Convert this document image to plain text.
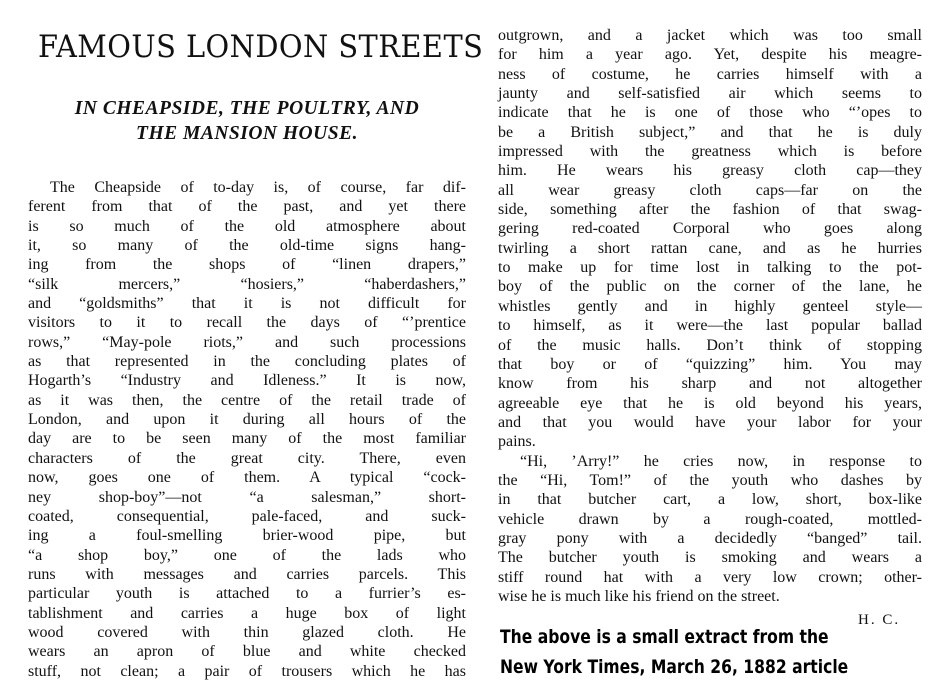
FAMOUS LONDON STREETS
IN CHEAPSIDE, THE POULTRY, AND
THE MANSION HOUSE.
The Cheapside of to-day is, of course, far dif-
ferent from that of the past, and yet there
is so much of the old atmosphere about
it, so many of the old-time signs hang-
ing from the shops of “linen drapers,”
“silk mercers,” “hosiers,” “haberdashers,”
and “goldsmiths” that it is not difficult for
visitors to it to recall the days of “’prentice
rows,” “May-pole riots,” and such processions
as that represented in the concluding plates of
Hogarth’s “Industry and Idleness.” It is now,
as it was then, the centre of the retail trade of
London, and upon it during all hours of the
day are to be seen many of the most familiar
characters of the great city. There, even
now, goes one of them. A typical “cock-
ney shop-boy”—not “a salesman,” short-
coated, consequential, pale-faced, and suck-
ing a foul-smelling brier-wood pipe, but
“a shop boy,” one of the lads who
runs with messages and carries parcels. This
particular youth is attached to a furrier’s es-
tablishment and carries a huge box of light
wood covered with thin glazed cloth. He
wears an apron of blue and white checked
stuff, not clean; a pair of trousers which he has
outgrown, and a jacket which was too small
for him a year ago. Yet, despite his meagre-
ness of costume, he carries himself with a
jaunty and self-satisfied air which seems to
indicate that he is one of those who “’opes to
be a British subject,” and that he is duly
impressed with the greatness which is before
him. He wears his greasy cloth cap—they
all wear greasy cloth caps—far on the
side, something after the fashion of that swag-
gering red-coated Corporal who goes along
twirling a short rattan cane, and as he hurries
to make up for time lost in talking to the pot-
boy of the public on the corner of the lane, he
whistles gently and in highly genteel style—
to himself, as it were—the last popular ballad
of the music halls. Don’t think of stopping
that boy or of “quizzing” him. You may
know from his sharp and not altogether
agreeable eye that he is old beyond his years,
and that you would have your labor for your
pains.
“Hi, ’Arry!” he cries now, in response to
the “Hi, Tom!” of the youth who dashes by
in that butcher cart, a low, short, box-like
vehicle drawn by a rough-coated, mottled-
gray pony with a decidedly “banged” tail.
The butcher youth is smoking and wears a
stiff round hat with a very low crown; other-
wise he is much like his friend on the street.
H. C.
The above is a small extract from the
New York Times, March 26, 1882 article
